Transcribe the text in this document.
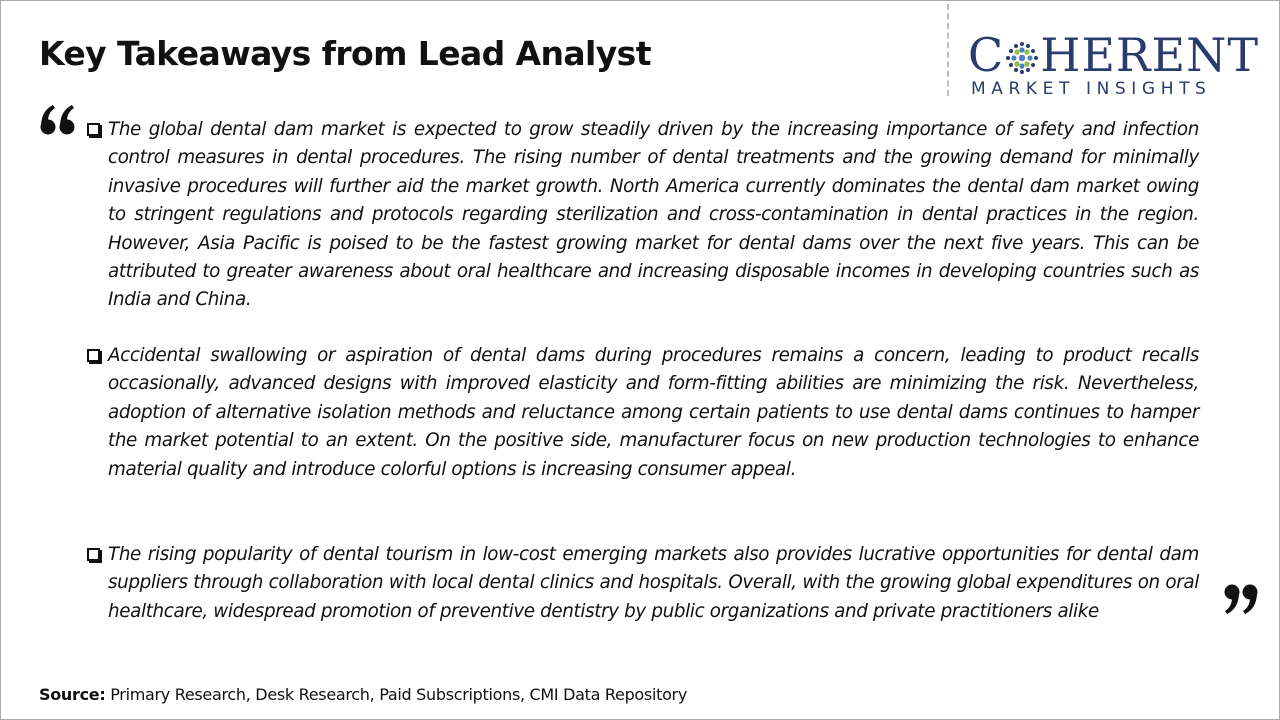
Key Takeaways from Lead Analyst	C HERENT
MARKET INSIGHTS

The global dental dam market is expected to grow steadily driven by the increasing importance of safety and infection control measures in dental procedures. The rising number of dental treatments and the growing demand for minimally invasive procedures will further aid the market growth. North America currently dominates the dental dam market owing to stringent regulations and protocols regarding sterilization and cross-contamination in dental practices in the region. However, Asia Pacific is poised to be the fastest growing market for dental dams over the next five years. This can be attributed to greater awareness about oral healthcare and increasing disposable incomes in developing countries such as India and China.

Accidental swallowing or aspiration of dental dams during procedures remains a concern, leading to product recalls occasionally, advanced designs with improved elasticity and form-fitting abilities are minimizing the risk. Nevertheless, adoption of alternative isolation methods and reluctance among certain patients to use dental dams continues to hamper the market potential to an extent. On the positive side, manufacturer focus on new production technologies to enhance material quality and introduce colorful options is increasing consumer appeal.

The rising popularity of dental tourism in low-cost emerging markets also provides lucrative opportunities for dental dam suppliers through collaboration with local dental clinics and hospitals. Overall, with the growing global expenditures on oral healthcare, widespread promotion of preventive dentistry by public organizations and private practitioners alike

Source: Primary Research, Desk Research, Paid Subscriptions, CMI Data Repository
